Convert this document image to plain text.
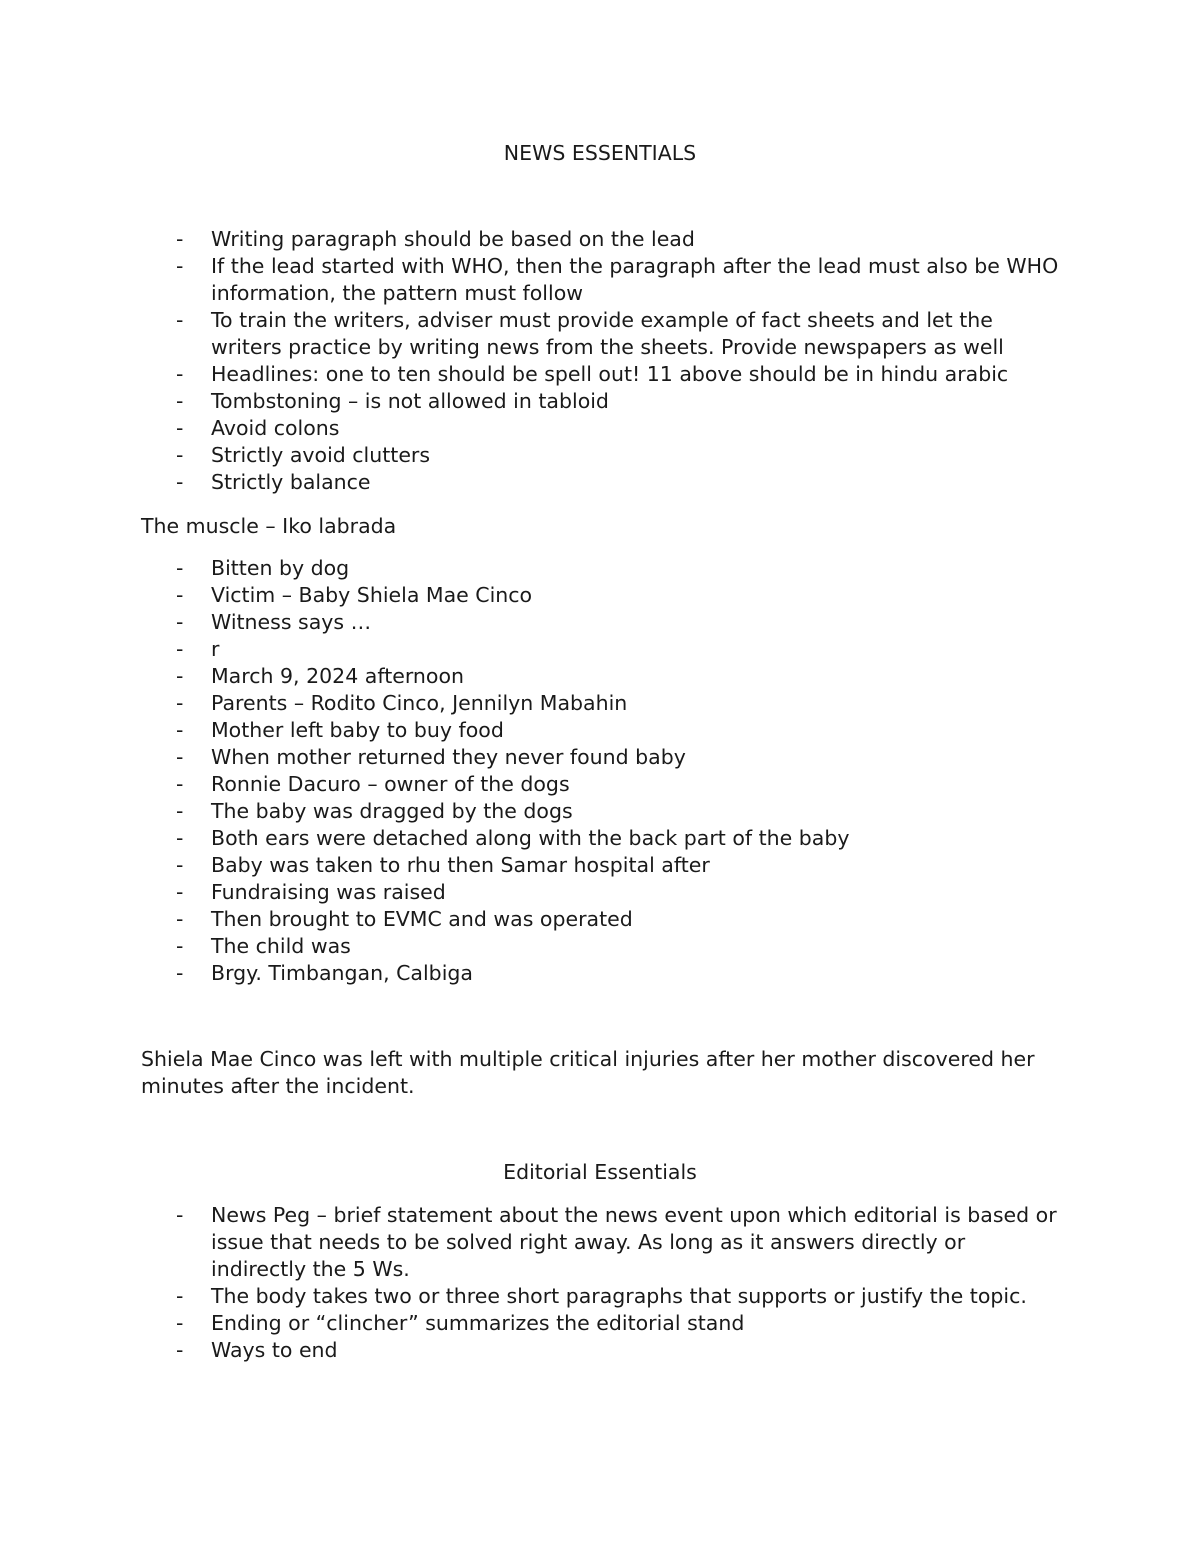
NEWS ESSENTIALS
- Writing paragraph should be based on the lead
- If the lead started with WHO, then the paragraph after the lead must also be WHO information, the pattern must follow
- To train the writers, adviser must provide example of fact sheets and let the writers practice by writing news from the sheets. Provide newspapers as well
- Headlines: one to ten should be spell out! 11 above should be in hindu arabic
- Tombstoning – is not allowed in tabloid
- Avoid colons
- Strictly avoid clutters
- Strictly balance
The muscle – Iko labrada
- Bitten by dog
- Victim – Baby Shiela Mae Cinco
- Witness says …
- r
- March 9, 2024 afternoon
- Parents – Rodito Cinco, Jennilyn Mabahin
- Mother left baby to buy food
- When mother returned they never found baby
- Ronnie Dacuro – owner of the dogs
- The baby was dragged by the dogs
- Both ears were detached along with the back part of the baby
- Baby was taken to rhu then Samar hospital after
- Fundraising was raised
- Then brought to EVMC and was operated
- The child was
- Brgy. Timbangan, Calbiga
Shiela Mae Cinco was left with multiple critical injuries after her mother discovered her minutes after the incident.
Editorial Essentials
- News Peg – brief statement about the news event upon which editorial is based or issue that needs to be solved right away. As long as it answers directly or indirectly the 5 Ws.
- The body takes two or three short paragraphs that supports or justify the topic.
- Ending or “clincher” summarizes the editorial stand
- Ways to end
